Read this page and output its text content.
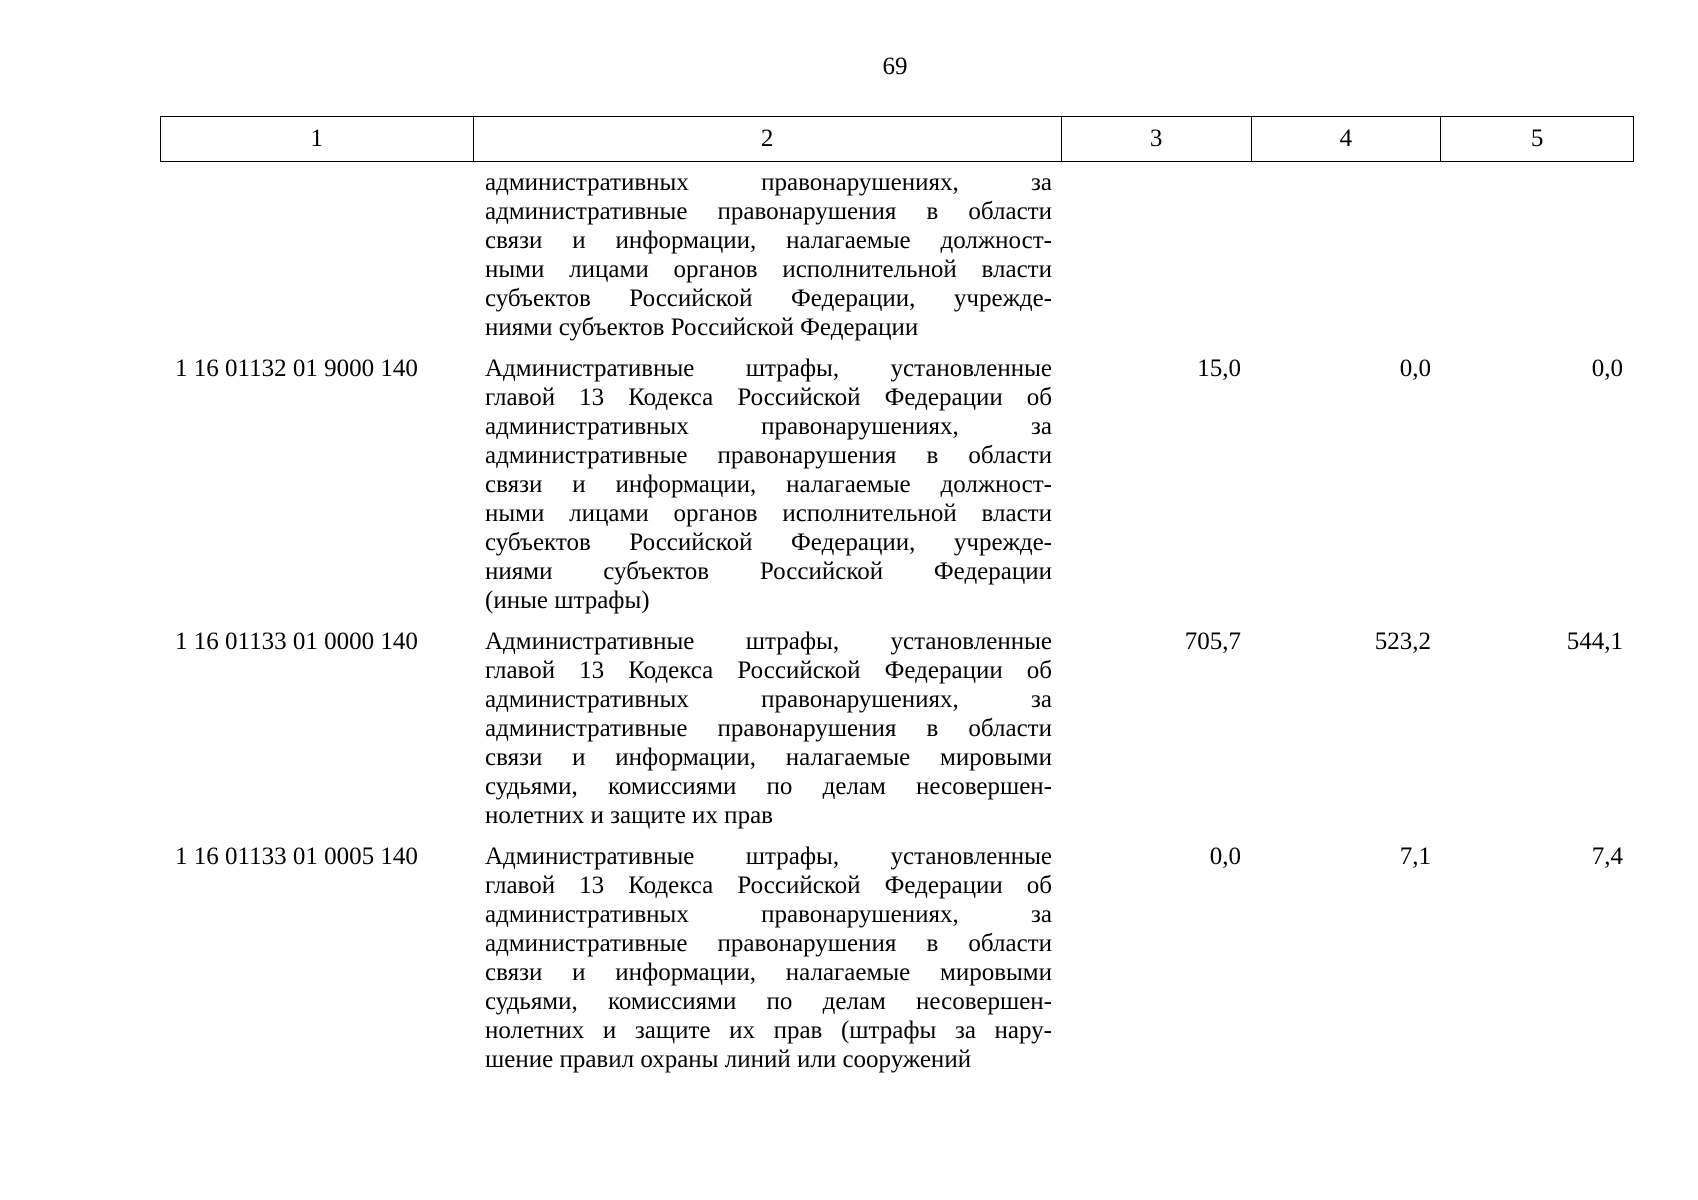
69
1	2	3	4	5
административных правонарушениях, за
административные правонарушения в области
связи и информации, налагаемые должност-
ными лицами органов исполнительной власти
субъектов Российской Федерации, учрежде-
ниями субъектов Российской Федерации
1 16 01132 01 9000 140	Административные штрафы, установленные
главой 13 Кодекса Российской Федерации об
административных правонарушениях, за
административные правонарушения в области
связи и информации, налагаемые должност-
ными лицами органов исполнительной власти
субъектов Российской Федерации, учрежде-
ниями субъектов Российской Федерации
(иные штрафы)
15,0	0,0	0,0
1 16 01133 01 0000 140	Административные штрафы, установленные
главой 13 Кодекса Российской Федерации об
административных правонарушениях, за
административные правонарушения в области
связи и информации, налагаемые мировыми
судьями, комиссиями по делам несовершен-
нолетних и защите их прав
705,7	523,2	544,1
1 16 01133 01 0005 140	Административные штрафы, установленные
главой 13 Кодекса Российской Федерации об
административных правонарушениях, за
административные правонарушения в области
связи и информации, налагаемые мировыми
судьями, комиссиями по делам несовершен-
нолетних и защите их прав (штрафы за нару-
шение правил охраны линий или сооружений
0,0	7,1	7,4
